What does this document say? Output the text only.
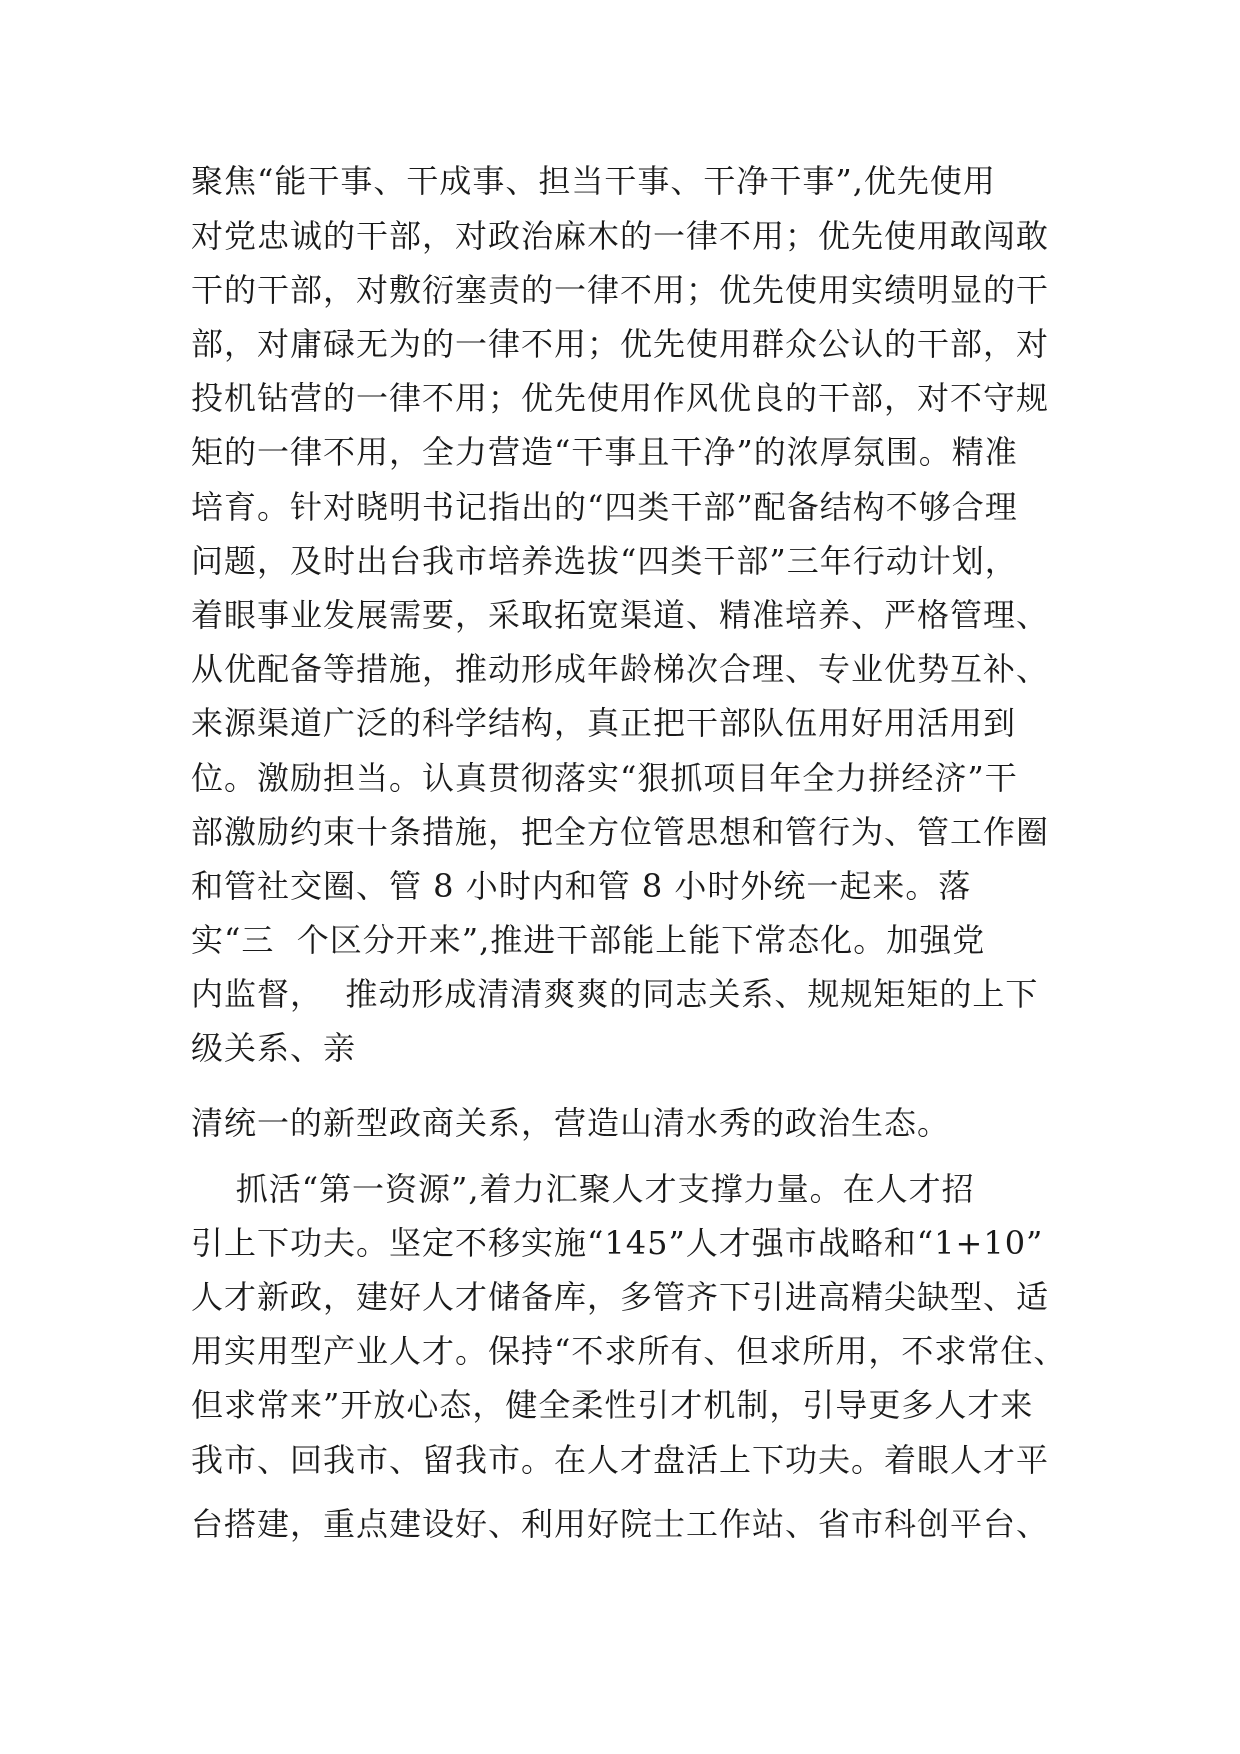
聚焦“能干事、干成事、担当干事、干净干事”,优先使用

对党忠诚的干部，对政治麻木的一律不用；优先使用敢闯敢

干的干部，对敷衍塞责的一律不用；优先使用实绩明显的干

部，对庸碌无为的一律不用；优先使用群众公认的干部，对

投机钻营的一律不用；优先使用作风优良的干部，对不守规

矩的一律不用，全力营造“干事且干净”的浓厚氛围。精准

培育。针对晓明书记指出的“四类干部”配备结构不够合理

问题，及时出台我市培养选拔“四类干部”三年行动计划，

着眼事业发展需要，采取拓宽渠道、精准培养、严格管理、

从优配备等措施，推动形成年龄梯次合理、专业优势互补、

来源渠道广泛的科学结构，真正把干部队伍用好用活用到

位。激励担当。认真贯彻落实“狠抓项目年全力拼经济”干

部激励约束十条措施，把全方位管思想和管行为、管工作圈

和管社交圈、管 8 小时内和管 8 小时外统一起来。落

实“三  个区分开来”,推进干部能上能下常态化。加强党

内监督，  推动形成清清爽爽的同志关系、规规矩矩的上下

级关系、亲

清统一的新型政商关系，营造山清水秀的政治生态。

抓活“第一资源”,着力汇聚人才支撑力量。在人才招

引上下功夫。坚定不移实施“145”人才强市战略和“1+10”

人才新政，建好人才储备库，多管齐下引进高精尖缺型、适

用实用型产业人才。保持“不求所有、但求所用，不求常住、

但求常来”开放心态，健全柔性引才机制，引导更多人才来

我市、回我市、留我市。在人才盘活上下功夫。着眼人才平

台搭建，重点建设好、利用好院士工作站、省市科创平台、
